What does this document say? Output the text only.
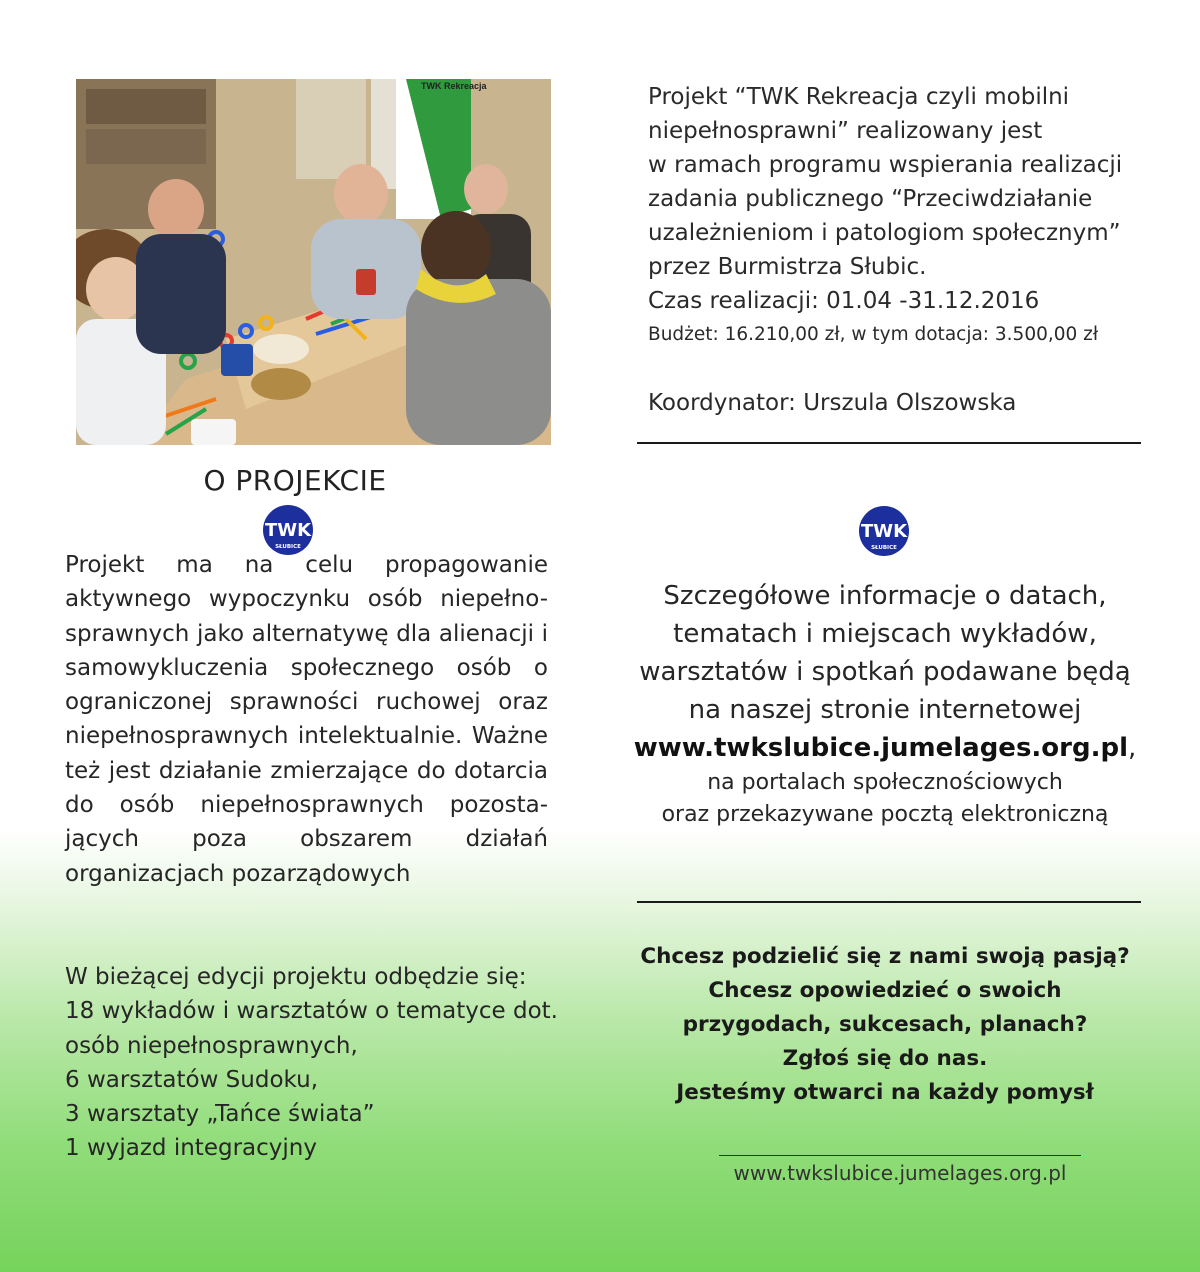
TWK Rekreacja
O PROJEKCIE
TWK
SŁUBICE
Projekt ma na celu propagowanie aktywnego wypoczynku osób niepełno- sprawnych jako alternatywę dla alienacji i samowykluczenia społecznego osób o ograniczonej sprawności ruchowej oraz niepełnosprawnych intelektualnie. Ważne też jest działanie zmierzające do dotarcia do osób niepełnosprawnych pozosta- jących poza obszarem działań organizacjach pozarządowych
W bieżącej edycji projektu odbędzie się:
18 wykładów i warsztatów o tematyce dot.
osób niepełnosprawnych,
6 warsztatów Sudoku,
3 warsztaty „Tańce świata”
1 wyjazd integracyjny
Projekt “TWK Rekreacja czyli mobilni
niepełnosprawni” realizowany jest
w ramach programu wspierania realizacji
zadania publicznego “Przeciwdziałanie
uzależnieniom i patologiom społecznym”
przez Burmistrza Słubic.
Czas realizacji: 01.04 -31.12.2016
Budżet: 16.210,00 zł, w tym dotacja: 3.500,00 zł
Koordynator: Urszula Olszowska
TWK
SŁUBICE
Szczegółowe informacje o datach,
tematach i miejscach wykładów,
warsztatów i spotkań podawane będą
na naszej stronie internetowej
www.twkslubice.jumelages.org.pl,
na portalach społecznościowych
oraz przekazywane pocztą elektroniczną
Chcesz podzielić się z nami swoją pasją?
Chcesz opowiedzieć o swoich
przygodach, sukcesach, planach?
Zgłoś się do nas.
Jesteśmy otwarci na każdy pomysł
www.twkslubice.jumelages.org.pl
